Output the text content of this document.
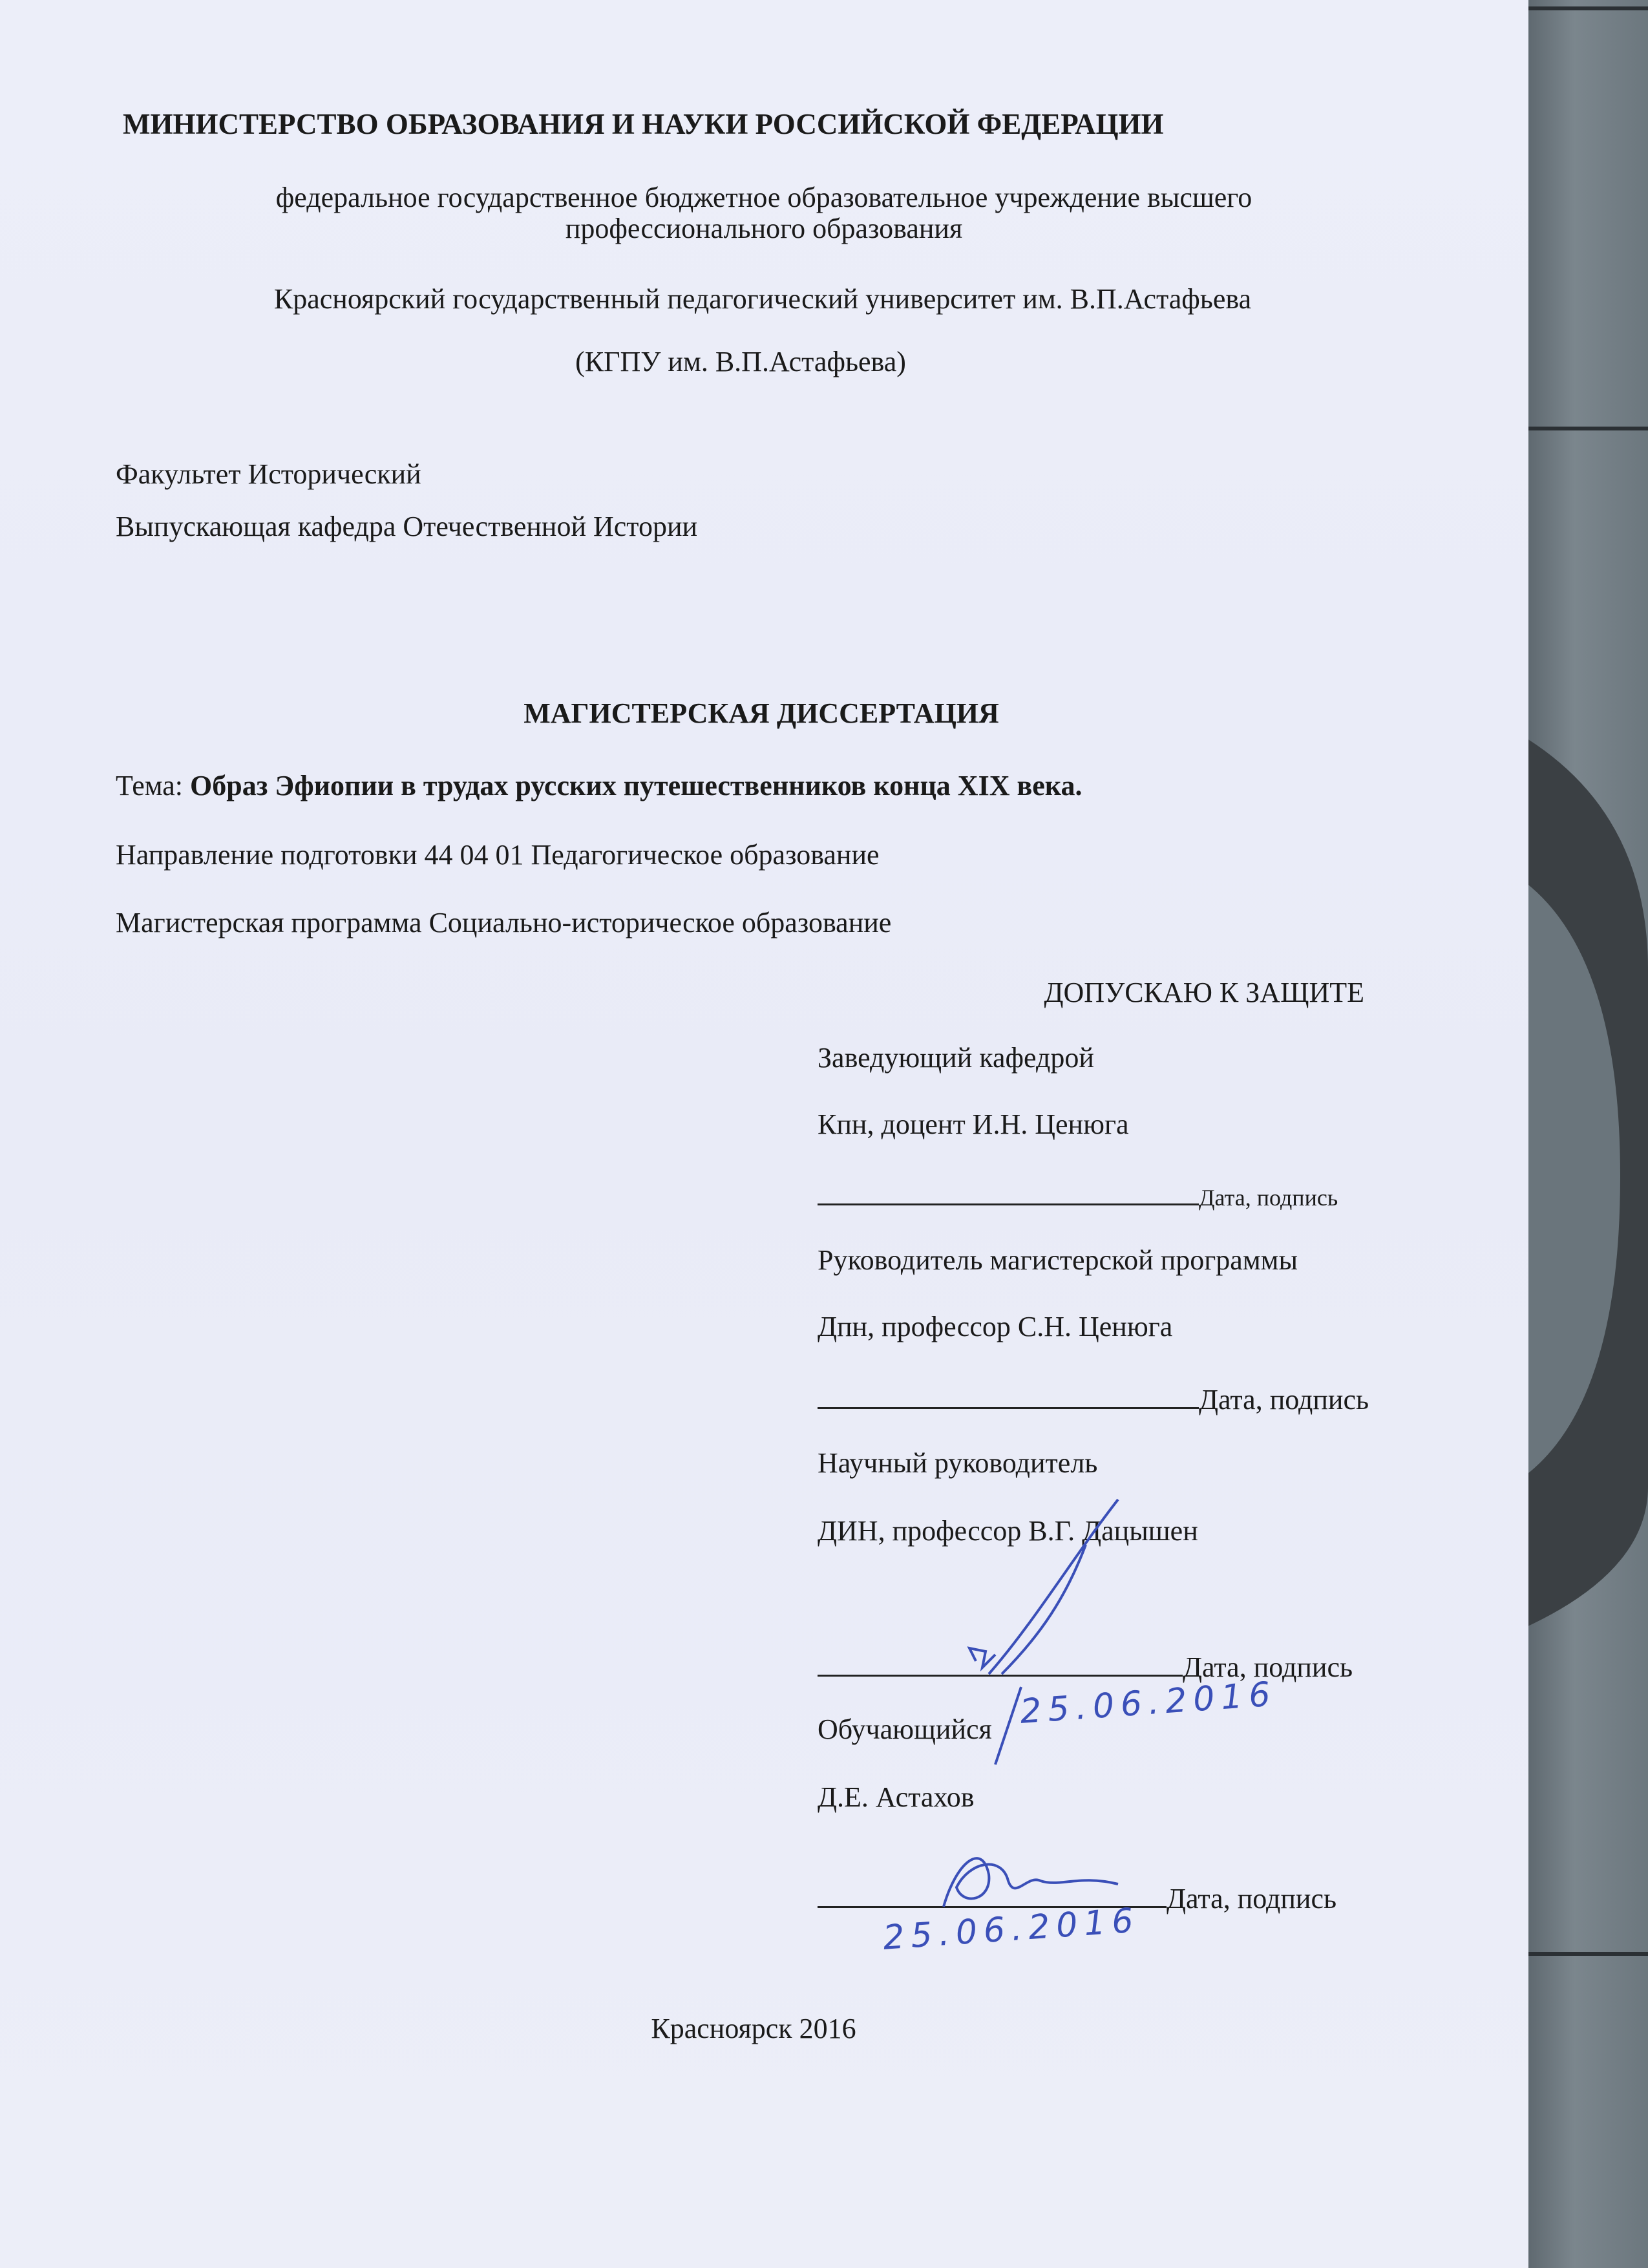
МИНИСТЕРСТВО ОБРАЗОВАНИЯ И НАУКИ РОССИЙСКОЙ ФЕДЕРАЦИИ
федеральное государственное бюджетное образовательное учреждение высшего
профессионального образования
Красноярский государственный педагогический университет им. В.П.Астафьева
(КГПУ им. В.П.Астафьева)
Факультет Исторический
Выпускающая кафедра Отечественной Истории
МАГИСТЕРСКАЯ ДИССЕРТАЦИЯ
Тема: Образ Эфиопии в трудах русских путешественников конца XIX века.
Направление подготовки 44 04 01 Педагогическое образование
Магистерская программа Социально-историческое образование
ДОПУСКАЮ К ЗАЩИТЕ
Заведующий кафедрой
Кпн, доцент И.Н. Ценюга
Дата, подпись
Руководитель магистерской программы
Дпн, профессор С.Н. Ценюга
Дата, подпись
Научный руководитель
ДИН, профессор В.Г. Дацышен
Дата, подпись
25.06.2016
Обучающийся
Д.Е. Астахов
Дата, подпись
25.06.2016
Красноярск 2016
